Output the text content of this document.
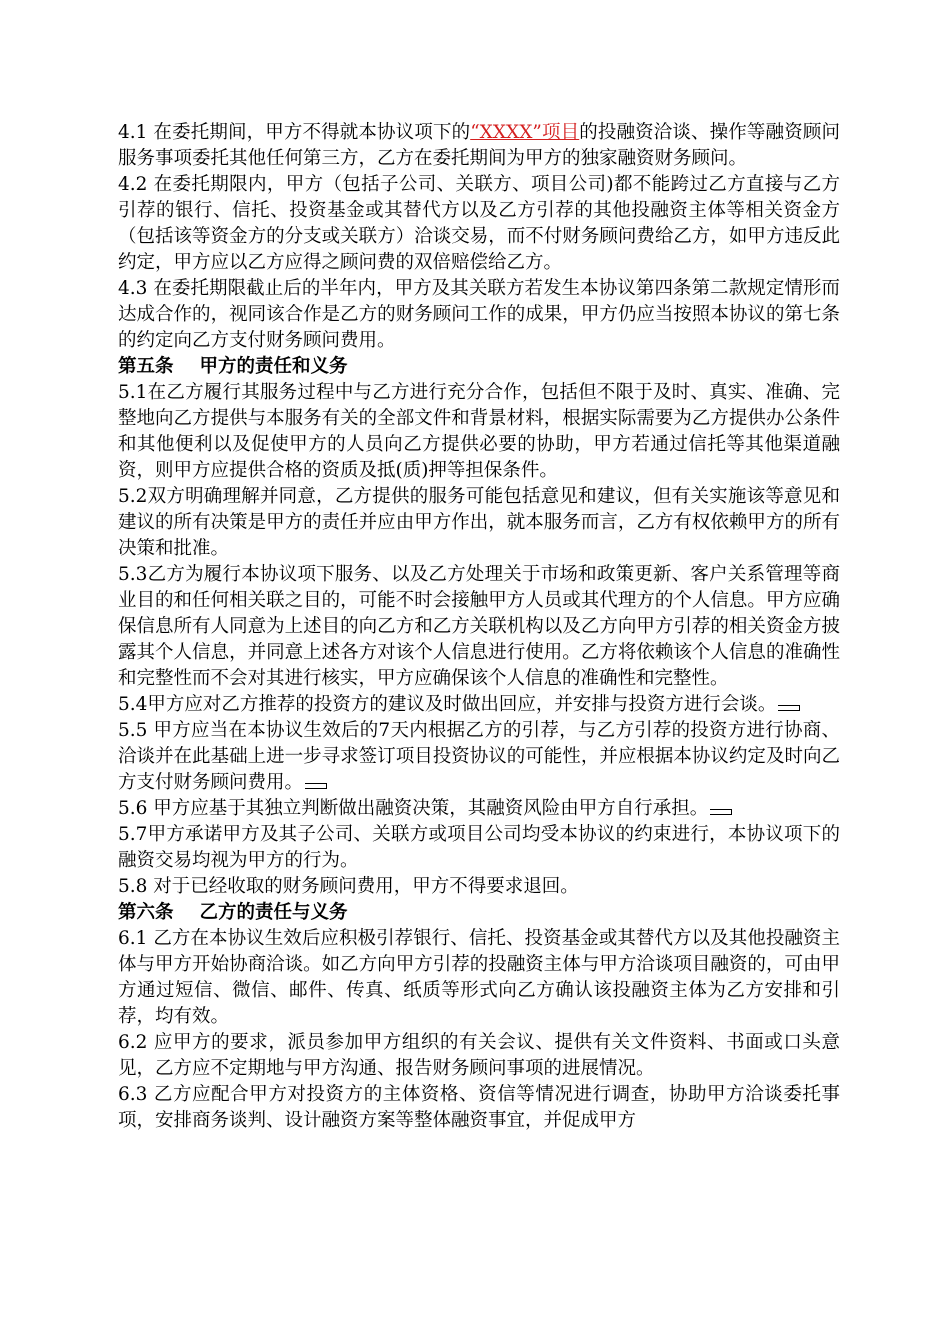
4.1 在委托期间，甲方不得就本协议项下的“XXXX”项目的投融资洽谈、操作等融资顾问服务事项委托其他任何第三方，乙方在委托期间为甲方的独家融资财务顾问。

4.2 在委托期限内，甲方（包括子公司、关联方、项目公司)都不能跨过乙方直接与乙方引荐的银行、信托、投资基金或其替代方以及乙方引荐的其他投融资主体等相关资金方（包括该等资金方的分支或关联方）洽谈交易，而不付财务顾问费给乙方，如甲方违反此约定，甲方应以乙方应得之顾问费的双倍赔偿给乙方。

4.3 在委托期限截止后的半年内，甲方及其关联方若发生本协议第四条第二款规定情形而达成合作的，视同该合作是乙方的财务顾问工作的成果，甲方仍应当按照本协议的第七条的约定向乙方支付财务顾问费用。

第五条 甲方的责任和义务

5.1在乙方履行其服务过程中与乙方进行充分合作，包括但不限于及时、真实、准确、完整地向乙方提供与本服务有关的全部文件和背景材料，根据实际需要为乙方提供办公条件和其他便利以及促使甲方的人员向乙方提供必要的协助，甲方若通过信托等其他渠道融资，则甲方应提供合格的资质及抵(质)押等担保条件。

5.2双方明确理解并同意，乙方提供的服务可能包括意见和建议，但有关实施该等意见和建议的所有决策是甲方的责任并应由甲方作出，就本服务而言，乙方有权依赖甲方的所有决策和批准。

5.3乙方为履行本协议项下服务、以及乙方处理关于市场和政策更新、客户关系管理等商业目的和任何相关联之目的，可能不时会接触甲方人员或其代理方的个人信息。甲方应确保信息所有人同意为上述目的向乙方和乙方关联机构以及乙方向甲方引荐的相关资金方披露其个人信息，并同意上述各方对该个人信息进行使用。乙方将依赖该个人信息的准确性和完整性而不会对其进行核实，甲方应确保该个人信息的准确性和完整性。

5.4甲方应对乙方推荐的投资方的建议及时做出回应，并安排与投资方进行会谈。

5.5 甲方应当在本协议生效后的7天内根据乙方的引荐，与乙方引荐的投资方进行协商、洽谈并在此基础上进一步寻求签订项目投资协议的可能性，并应根据本协议约定及时向乙方支付财务顾问费用。

5.6 甲方应基于其独立判断做出融资决策，其融资风险由甲方自行承担。

5.7甲方承诺甲方及其子公司、关联方或项目公司均受本协议的约束进行，本协议项下的融资交易均视为甲方的行为。

5.8 对于已经收取的财务顾问费用，甲方不得要求退回。

第六条 乙方的责任与义务

6.1 乙方在本协议生效后应积极引荐银行、信托、投资基金或其替代方以及其他投融资主体与甲方开始协商洽谈。如乙方向甲方引荐的投融资主体与甲方洽谈项目融资的，可由甲方通过短信、微信、邮件、传真、纸质等形式向乙方确认该投融资主体为乙方安排和引荐，均有效。

6.2 应甲方的要求，派员参加甲方组织的有关会议、提供有关文件资料、书面或口头意见，乙方应不定期地与甲方沟通、报告财务顾问事项的进展情况。

6.3 乙方应配合甲方对投资方的主体资格、资信等情况进行调查，协助甲方洽谈委托事项，安排商务谈判、设计融资方案等整体融资事宜，并促成甲方
